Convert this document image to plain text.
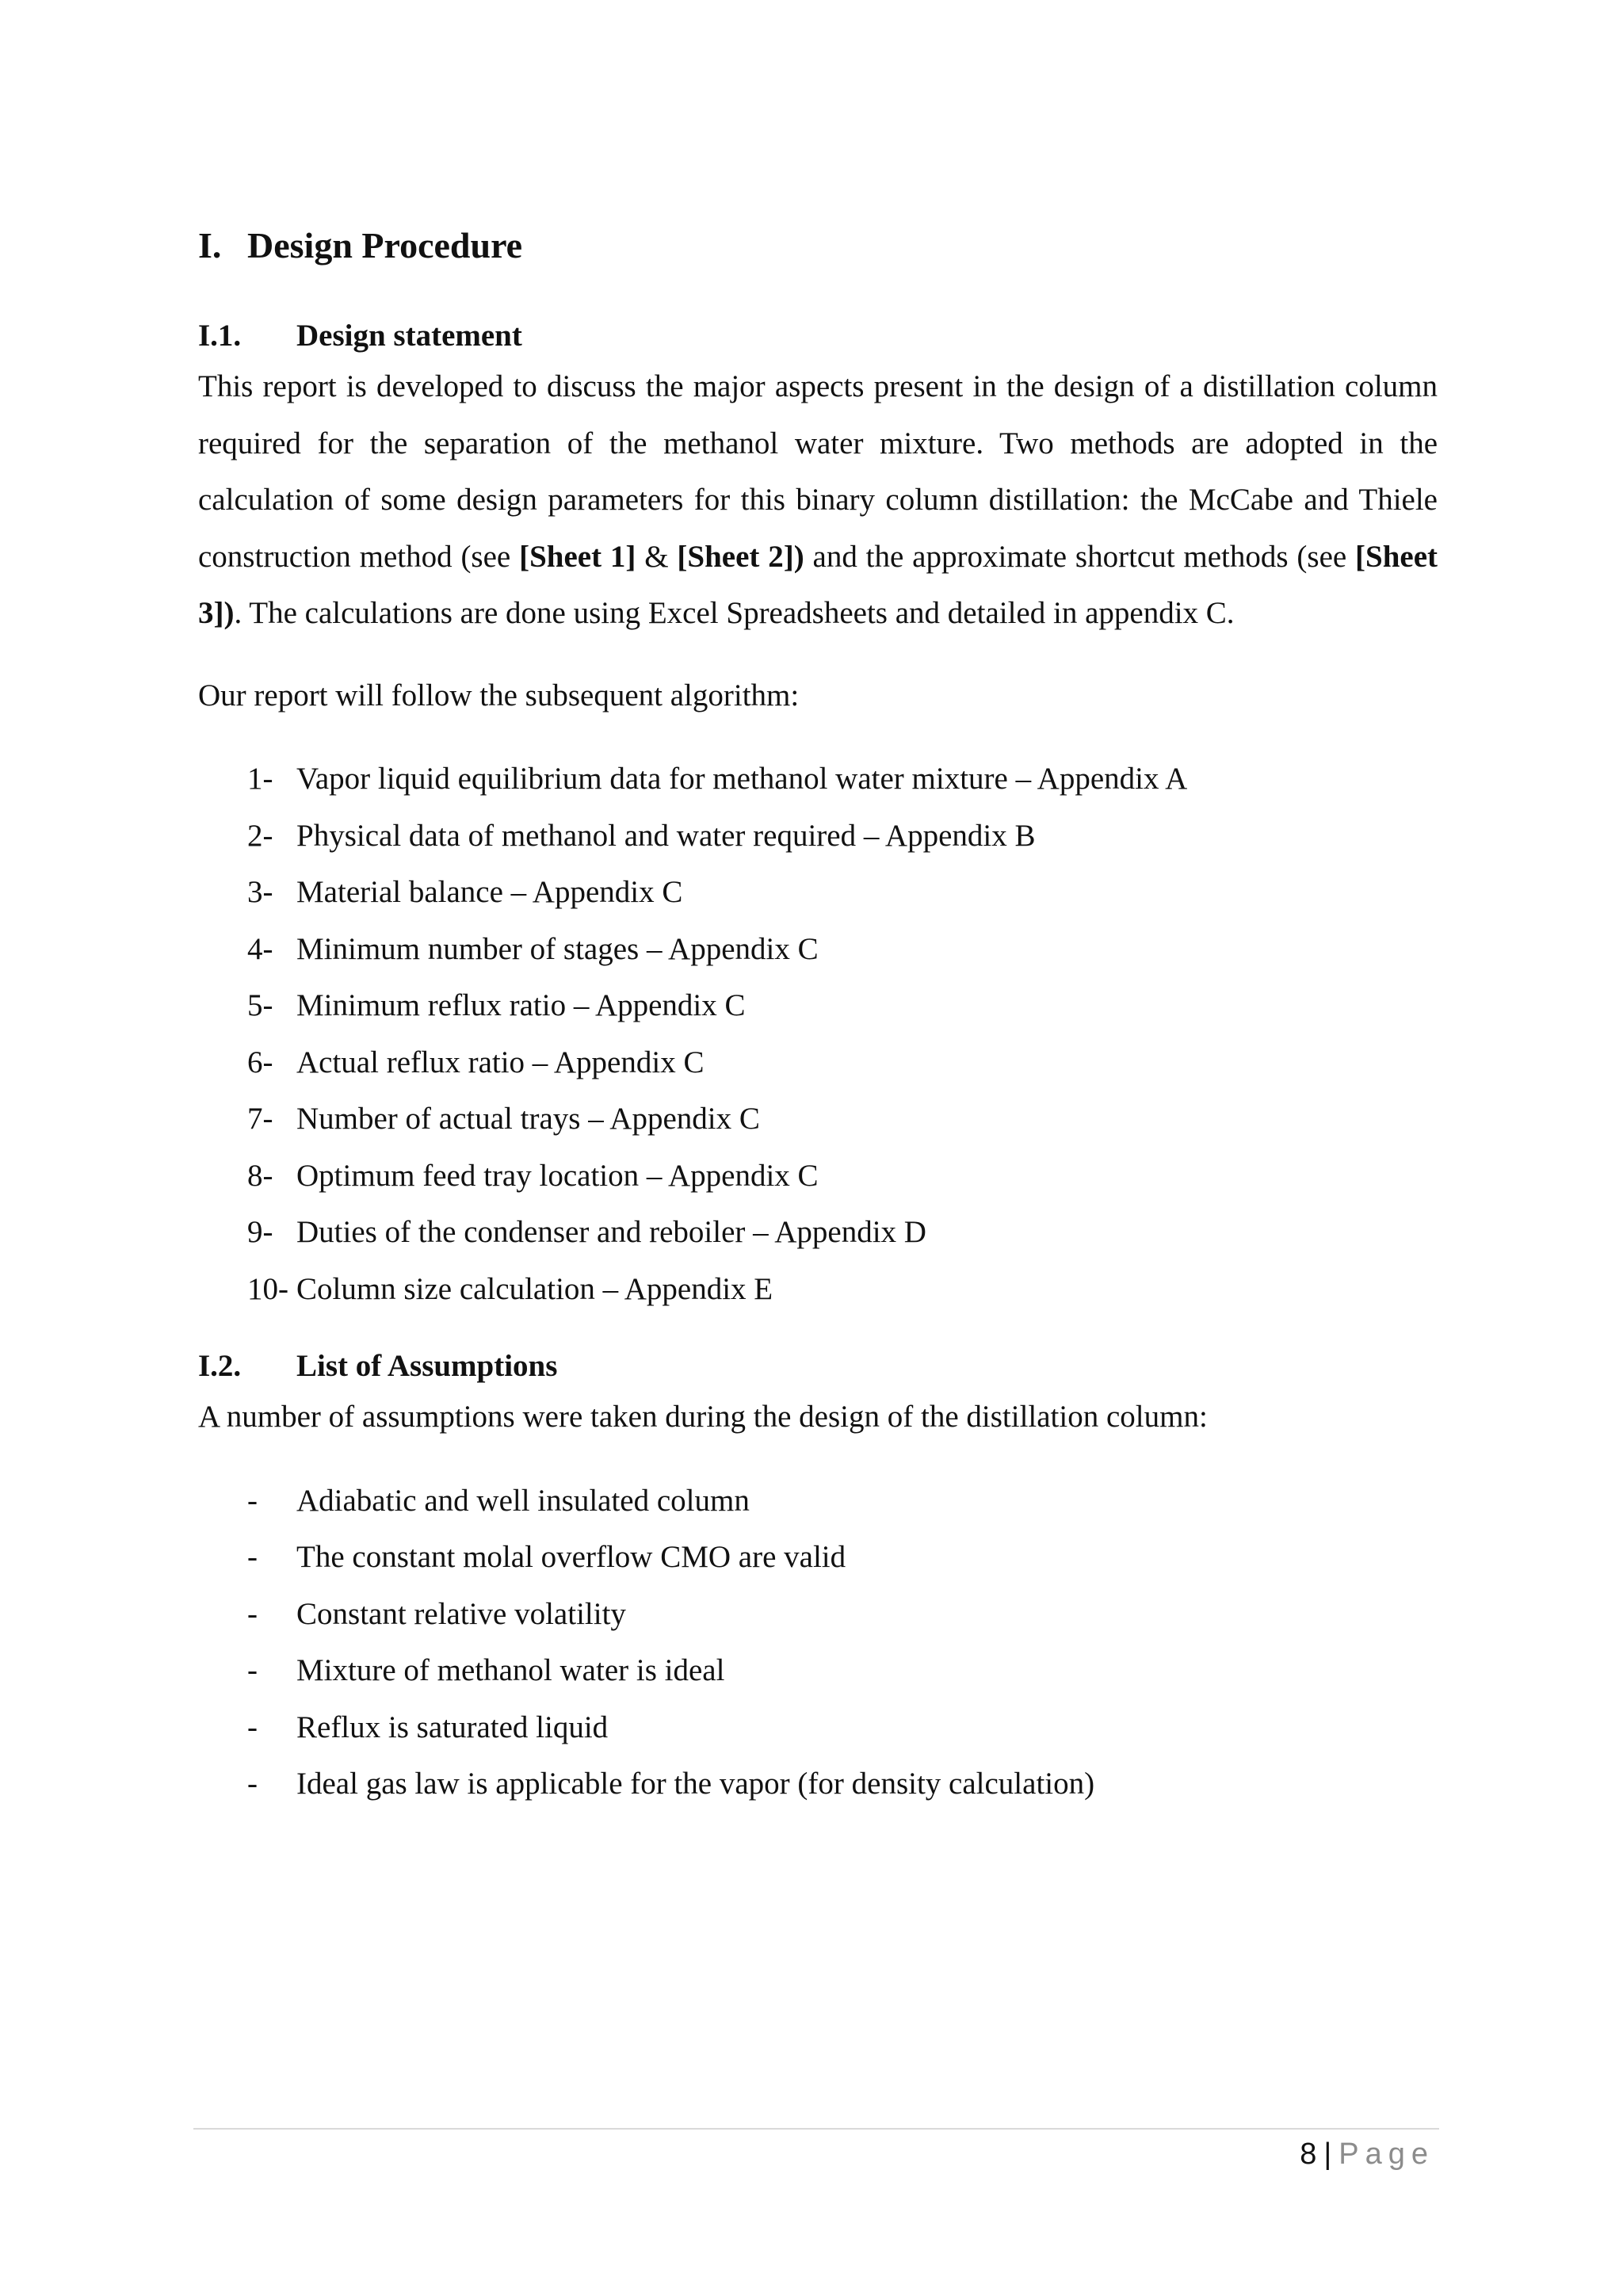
I. Design Procedure
I.1. Design statement

This report is developed to discuss the major aspects present in the design of a distillation column required for the separation of the methanol water mixture. Two methods are adopted in the calculation of some design parameters for this binary column distillation: the McCabe and Thiele construction method (see [Sheet 1] & [Sheet 2]) and the approximate shortcut methods (see [Sheet 3]). The calculations are done using Excel Spreadsheets and detailed in appendix C.

Our report will follow the subsequent algorithm:

1- Vapor liquid equilibrium data for methanol water mixture – Appendix A
2- Physical data of methanol and water required – Appendix B
3- Material balance – Appendix C
4- Minimum number of stages – Appendix C
5- Minimum reflux ratio – Appendix C
6- Actual reflux ratio – Appendix C
7- Number of actual trays – Appendix C
8- Optimum feed tray location – Appendix C
9- Duties of the condenser and reboiler – Appendix D
10- Column size calculation – Appendix E
I.2. List of Assumptions

A number of assumptions were taken during the design of the distillation column:

- Adiabatic and well insulated column
- The constant molal overflow CMO are valid
- Constant relative volatility
- Mixture of methanol water is ideal
- Reflux is saturated liquid
- Ideal gas law is applicable for the vapor (for density calculation)
8 | Page
